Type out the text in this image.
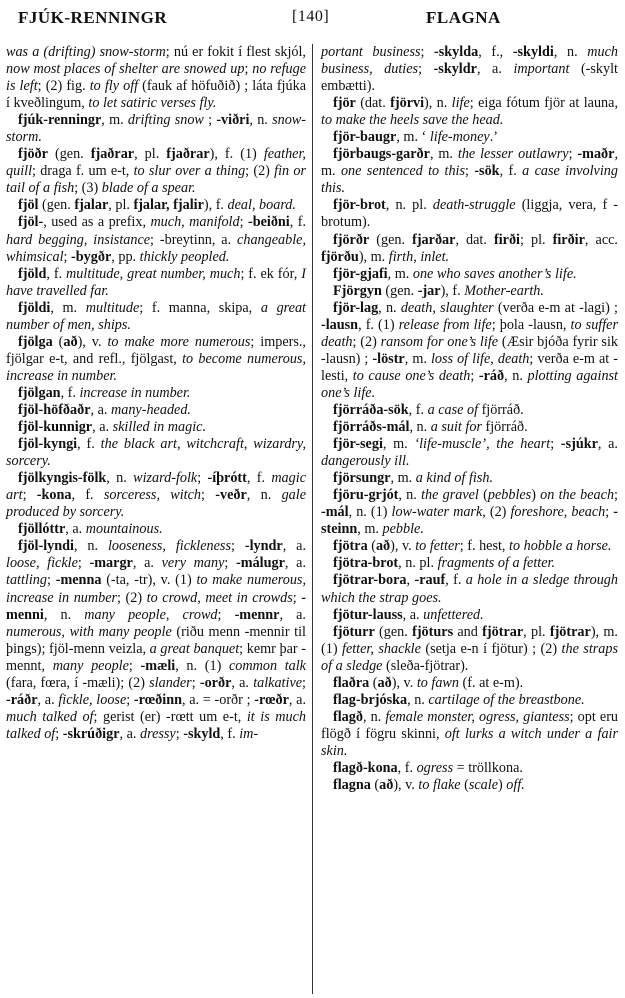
FJÚK-RENNINGR	[140]	FLAGNA

was a (drifting) snow-storm; nú er fokit í flest skjól, now most places of shelter are snowed up; no refuge is left; (2) fig. to fly off (fauk af höfuðið) ; láta fjúka í kveðlingum, to let satiric verses fly.

fjúk-renningr, m. drifting snow ; -viðri, n. snow-storm.

fjöðr (gen. fjaðrar, pl. fjaðrar), f. (1) feather, quill; draga f. um e-t, to slur over a thing; (2) fin or tail of a fish; (3) blade of a spear.

fjöl (gen. fjalar, pl. fjalar, fjalir), f. deal, board.

fjöl-, used as a prefix, much, manifold; -beiðni, f. hard begging, insistance; -breytinn, a. changeable, whimsical; -bygðr, pp. thickly peopled.

fjöld, f. multitude, great number, much; f. ek fór, I have travelled far.

fjöldi, m. multitude; f. manna, skipa, a great number of men, ships.

fjölga (að), v. to make more numerous; impers., fjölgar e-t, and refl., fjölgast, to become numerous, increase in number.

fjölgan, f. increase in number.

fjöl-höfðaðr, a. many-headed.

fjöl-kunnigr, a. skilled in magic.

fjöl-kyngi, f. the black art, witchcraft, wizardry, sorcery.

fjölkyngis-fölk, n. wizard-folk; -íþrótt, f. magic art; -kona, f. sorceress, witch; -veðr, n. gale produced by sorcery.

fjöllóttr, a. mountainous.

fjöl-lyndi, n. looseness, fickleness; -lyndr, a. loose, fickle; -margr, a. very many; -málugr, a. tattling; -menna (-ta, -tr), v. (1) to make numerous, increase in number; (2) to crowd, meet in crowds; -menni, n. many people, crowd; -mennr, a. numerous, with many people (riðu menn -mennir til þings); fjöl-menn veizla, a great banquet; kemr þar -mennt, many people; -mæli, n. (1) common talk (fara, fœra, í -mæli); (2) slander; -orðr, a. talkative; -ráðr, a. fickle, loose; -rœðinn, a. = -orðr ; -rœðr, a. much talked of; gerist (er) -rœtt um e-t, it is much talked of; -skrúðigr, a. dressy; -skyld, f. im-

portant business; -skylda, f., -skyldi, n. much business, duties; -skyldr, a. important (-skylt embætti).

fjör (dat. fjörvi), n. life; eiga fótum fjör at launa, to make the heels save the head.

fjör-baugr, m. ‘ life-money.’

fjörbaugs-garðr, m. the lesser outlawry; -maðr, m. one sentenced to this; -sök, f. a case involving this.

fjör-brot, n. pl. death-struggle (liggja, vera, f -brotum).

fjörðr (gen. fjarðar, dat. firði; pl. firðir, acc. fjörðu), m. firth, inlet.

fjör-gjafi, m. one who saves another’s life.

Fjörgyn (gen. -jar), f. Mother-earth.

fjör-lag, n. death, slaughter (verða e-m at -lagi) ; -lausn, f. (1) release from life; þola -lausn, to suffer death; (2) ransom for one’s life (Æsir bjóða fyrir sik -lausn) ; -löstr, m. loss of life, death; verða e-m at -lesti, to cause one’s death; -ráð, n. plotting against one’s life.

fjörráða-sök, f. a case of fjörráð.

fjörráðs-mál, n. a suit for fjörráð.

fjör-segi, m. ‘life-muscle’, the heart; -sjúkr, a. dangerously ill.

fjörsungr, m. a kind of fish.

fjöru-grjót, n. the gravel (pebbles) on the beach; -mál, n. (1) low-water mark, (2) foreshore, beach; -steinn, m. pebble.

fjötra (að), v. to fetter; f. hest, to hobble a horse.

fjötra-brot, n. pl. fragments of a fetter.

fjötrar-bora, -rauf, f. a hole in a sledge through which the strap goes.

fjötur-lauss, a. unfettered.

fjöturr (gen. fjöturs and fjötrar, pl. fjötrar), m. (1) fetter, shackle (setja e-n í fjötur) ; (2) the straps of a sledge (sleða-fjötrar).

flaðra (að), v. to fawn (f. at e-m).

flag-brjóska, n. cartilage of the breastbone.

flagð, n. female monster, ogress, giantess; opt eru flögð í fögru skinni, oft lurks a witch under a fair skin.

flagð-kona, f. ogress = tröllkona.

flagna (að), v. to flake (scale) off.
